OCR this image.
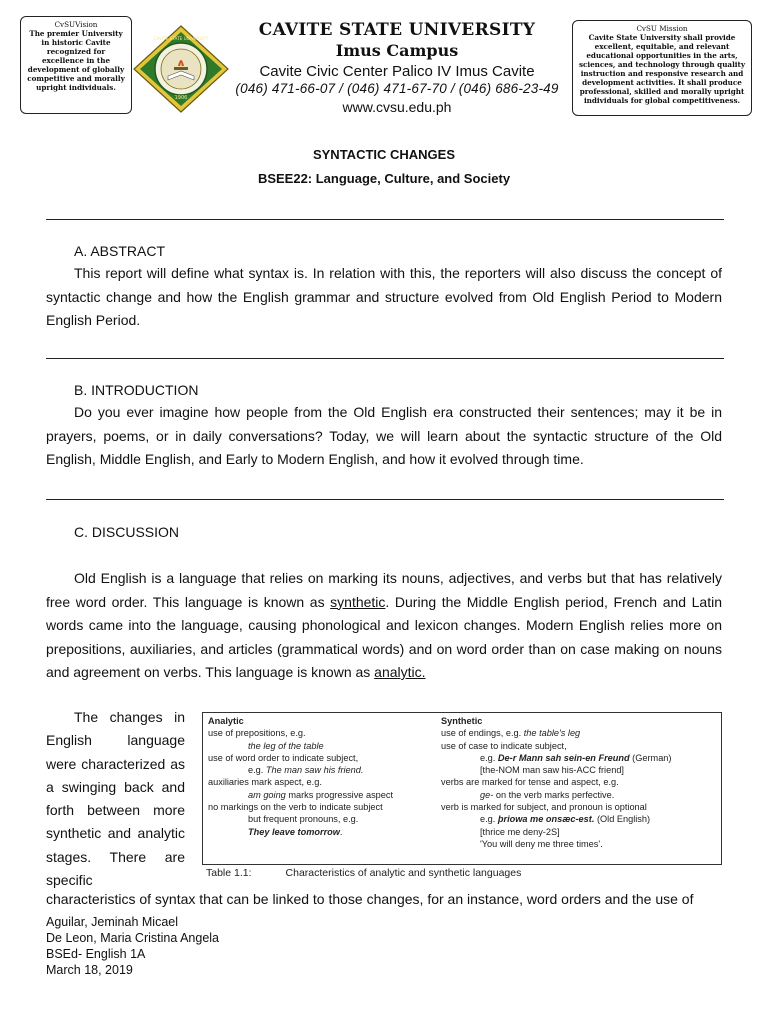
CvSUVision
The premier University in historic Cavite recognized for excellence in the development of globally competitive and morally upright individuals.
1906
CAVITE STATE UNIVERSITY	CAVITE STATE UNIVERSITY
Imus Campus
Cavite Civic Center Palico IV Imus Cavite
(046) 471-66-07 / (046) 471-67-70 / (046) 686-23-49
www.cvsu.edu.ph
CvSU Mission
Cavite State University shall provide excellent, equitable, and relevant educational opportunities in the arts, sciences, and technology through quality instruction and responsive research and development activities. It shall produce professional, skilled and morally upright individuals for global competitiveness.
SYNTACTIC CHANGES
BSEE22: Language, Culture, and Society
A. ABSTRACT
This report will define what syntax is. In relation with this, the reporters will also discuss the concept of syntactic change and how the English grammar and structure evolved from Old English Period to Modern English Period.
B. INTRODUCTION
Do you ever imagine how people from the Old English era constructed their sentences; may it be in prayers, poems, or in daily conversations? Today, we will learn about the syntactic structure of the Old English, Middle English, and Early to Modern English, and how it evolved through time.
C. DISCUSSION
Old English is a language that relies on marking its nouns, adjectives, and verbs but that has relatively free word order. This language is known as synthetic. During the Middle English period, French and Latin words came into the language, causing phonological and lexicon changes. Modern English relies more on prepositions, auxiliaries, and articles (grammatical words) and on word order than on case making on nouns and agreement on verbs. This language is known as analytic.
The changes in English language were characterized as a swinging back and forth between more synthetic and analytic stages. There are specific
Analytic
use of prepositions, e.g.
the leg of the table
use of word order to indicate subject,
e.g. The man saw his friend.
auxiliaries mark aspect, e.g.
am going marks progressive aspect
no markings on the verb to indicate subject
but frequent pronouns, e.g.
They leave tomorrow.
Synthetic
use of endings, e.g. the table's leg
use of case to indicate subject,
e.g. De-r Mann sah sein-en Freund (German)
[the-NOM man saw his-ACC friend]
verbs are marked for tense and aspect, e.g.
ge- on the verb marks perfective.
verb is marked for subject, and pronoun is optional
e.g. þriowa me onsæc-est. (Old English)
[thrice me deny-2S]
'You will deny me three times'.
Table 1.1:	Characteristics of analytic and synthetic languages
characteristics of syntax that can be linked to those changes, for an instance, word orders and the use of
Aguilar, Jeminah Micael
De Leon, Maria Cristina Angela
BSEd- English 1A
March 18, 2019
